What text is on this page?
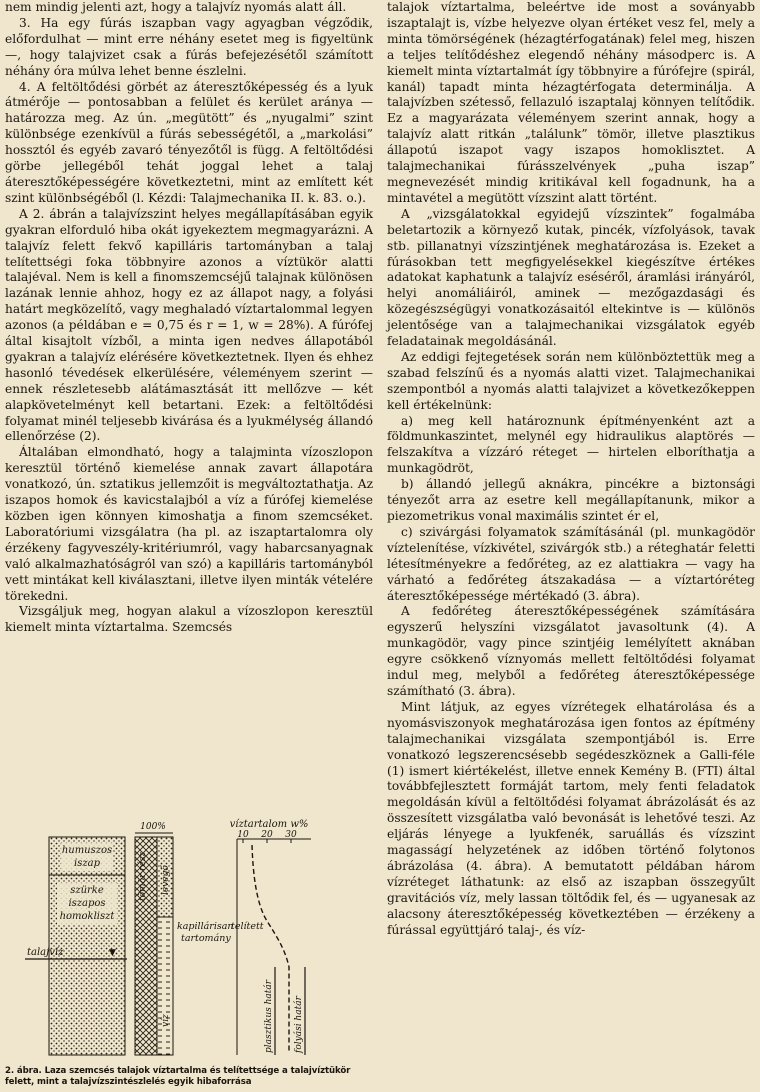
nem mindig jelenti azt, hogy a talajvíz nyomás alatt áll.

3. Ha egy fúrás iszapban vagy agyagban végződik, előfordulhat — mint erre néhány esetet meg is figyeltünk —, hogy talajvizet csak a fúrás befejezésétől számított néhány óra múlva lehet benne észlelni.

4. A feltöltődési görbét az áteresztőképesség és a lyuk átmérője — pontosabban a felület és kerület aránya — határozza meg. Az ún. „megütött” és „nyugalmi” szint különbsége ezenkívül a fúrás sebességétől, a „markolási” hossztól és egyéb zavaró tényezőtől is függ. A feltöltődési görbe jellegéből tehát joggal lehet a talaj áteresztőképességére következtetni, mint az említett két szint különbségéből (l. Kézdi: Talajmechanika II. k. 83. o.).

A 2. ábrán a talajvízszint helyes megállapításában egyik gyakran elforduló hiba okát igyekeztem megmagyarázni. A talajvíz felett fekvő kapilláris tartományban a talaj telítettségi foka többnyire azonos a víztükör alatti talajéval. Nem is kell a finomszemcséjű talajnak különösen lazának lennie ahhoz, hogy ez az állapot nagy, a folyási határt megközelítő, vagy meghaladó víztartalommal legyen azonos (a példában e = 0,75 és r = 1, w = 28%). A fúrófej által kisajtolt vízből, a minta igen nedves állapotából gyakran a talajvíz elérésére következtetnek. Ilyen és ehhez hasonló tévedések elkerülésére, véleményem szerint — ennek részletesebb alátámasztását itt mellőzve — két alapkövetelményt kell betartani. Ezek: a feltöltődési folyamat minél teljesebb kivárása és a lyukmélység állandó ellenőrzése (2).

Általában elmondható, hogy a talajminta vízoszlopon keresztül történő kiemelése annak zavart állapotára vonatkozó, ún. sztatikus jellemzőit is megváltoztathatja. Az iszapos homok és kavicstalajból a víz a fúrófej kiemelése közben igen könnyen kimoshatja a finom szemcséket. Laboratóriumi vizsgálatra (ha pl. az iszaptartalomra oly érzékeny fagyveszély-kritériumról, vagy habarcsanyagnak való alkalmazhatóságról van szó) a kapilláris tartományból vett mintákat kell kiválasztani, illetve ilyen minták vételére törekedni.

Vizsgáljuk meg, hogyan alakul a vízoszlopon keresztül kiemelt minta víztartalma. Szemcsés

humuszos
iszap
szürke
iszapos
homokliszt
talajvíz	▼
100%
tömör rész levegő
víz
kapillárisan
telített
tartomány
víztartalom w%
10 20 30
plasztikus határ folyási határ
2. ábra. Laza szemcsés talajok víztartalma és telítettsége a talajvíztükör felett, mint a talajvízszintészlelés egyik hibaforrása

talajok víztartalma, beleértve ide most a soványabb iszaptalajt is, vízbe helyezve olyan értéket vesz fel, mely a minta tömörségének (hézagtérfogatának) felel meg, hiszen a teljes telítődéshez elegendő néhány másodperc is. A kiemelt minta víztartalmát így többnyire a fúrófejre (spirál, kanál) tapadt minta hézagtérfogata determinálja. A talajvízben szétesső, fellazuló iszaptalaj könnyen telítődik. Ez a magyarázata véleményem szerint annak, hogy a talajvíz alatt ritkán „találunk” tömör, illetve plasztikus állapotú iszapot vagy iszapos homoklisztet. A talajmechanikai fúrásszelvények „puha iszap” megnevezését mindig kritikával kell fogadnunk, ha a mintavétel a megütött vízszint alatt történt.

A „vizsgálatokkal egyidejű vízszintek” fogalmába beletartozik a környező kutak, pincék, vízfolyások, tavak stb. pillanatnyi vízszintjének meghatározása is. Ezeket a fúrásokban tett megfigyelésekkel kiegészítve értékes adatokat kaphatunk a talajvíz eséséről, áramlási irányáról, helyi anomáliáiról, aminek — mezőgazdasági és közegészségügyi vonatkozásaitól eltekintve is — különös jelentősége van a talajmechanikai vizsgálatok egyéb feladatainak megoldásánál.

Az eddigi fejtegetések során nem különböztettük meg a szabad felszínű és a nyomás alatti vizet. Talajmechanikai szempontból a nyomás alatti talajvizet a következőkeppen kell értékelnünk:

a) meg kell határoznunk építményenként azt a földmunkaszintet, melynél egy hidraulikus alaptörés — felszakítva a vízzáró réteget — hirtelen elboríthatja a munkagödröt,

b) állandó jellegű aknákra, pincékre a biztonsági tényezőt arra az esetre kell megállapítanunk, mikor a piezometrikus vonal maximális szintet ér el,

c) szivárgási folyamatok számításánál (pl. munkagödör víztelenítése, vízkivétel, szivárgók stb.) a réteghatár feletti létesítményekre a fedőréteg, az ez alattiakra — vagy ha várható a fedőréteg átszakadása — a víztartóréteg áteresztőképessége mértékadó (3. ábra).

A fedőréteg áteresztőképességének számítására egyszerű helyszíni vizsgálatot javasoltunk (4). A munkagödör, vagy pince szintjéig lemélyített aknában egyre csökkenő víznyomás mellett feltöltődési folyamat indul meg, melyből a fedőréteg áteresztőképessége számítható (3. ábra).

Mint látjuk, az egyes vízrétegek elhatárolása és a nyomásviszonyok meghatározása igen fontos az építmény talajmechanikai vizsgálata szempontjából is. Erre vonatkozó legszerencsésebb segédeszköznek a Galli-féle (1) ismert kiértékelést, illetve ennek Kemény B. (FTI) által továbbfejlesztett formáját tartom, mely fenti feladatok megoldásán kívül a feltöltődési folyamat ábrázolását és az összesített vizsgálatba való bevonását is lehetővé teszi. Az eljárás lényege a lyukfenék, saruállás és vízszint magasságí helyzetének az időben történő folytonos ábrázolása (4. ábra). A bemutatott példában három vízréteget láthatunk: az első az iszapban összegyűlt gravitációs víz, mely lassan töltődik fel, és — ugyanesak az alacsony áteresztőképesség következtében — érzékeny a fúrással együttjáró talaj-, és víz-
